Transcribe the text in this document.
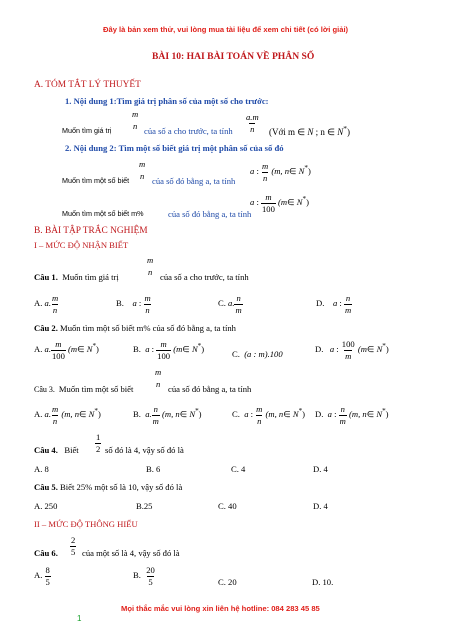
Đây là bản xem thử, vui lòng mua tài liệu để xem chi tiết (có lời giải)
BÀI 10: HAI BÀI TOÁN VỀ PHÂN SỐ
A. TÓM TẮT LÝ THUYẾT
1. Nội dung 1:Tìm giá trị phân số của một số cho trước:
Muốn tìm giá trị
m
n
của số a cho trước, ta tính $\frac{a.m}{n}$ (Với m ∈ N ; n ∈ N*)
2. Nội dung 2: Tìm một số biết giá trị một phân số của số đó
Muốn tìm một số biết
m
n
của số đó bằng a, ta tính
a : $\frac{m}{n} (m$, n∈ N*)
Muốn tìm một số biết m%	của số đó bằng a, ta tính
a : $\frac{m}{100}$ (m∈ N*)
B. BÀI TẬP TRẮC NGHIỆM
I – MỨC ĐỘ NHẬN BIẾT
Câu 1. Muốn tìm giá trị
m
n
của số a cho trước, ta tính
A. a. $\frac{m}{n}$	B.    a : $\frac{m}{n}$	C. a. $\frac{n}{m}$	D.    a : $\frac{n}{m}$
Câu 2. Muốn tìm một số biết m% của số đó bằng a, ta tính
A. a. $\frac{m}{100}$ (m∈ N*)	B.  a : $\frac{m}{100}$ (m∈ N*)	C.  (a : m).100	D.   a : $\frac{100}{m}$ (m∈ N*)
Câu 3. Muốn tìm một số biết
m
n
của số đó bằng a, ta tính
A. a. $\frac{m}{n} (m$, n∈ N*)	B.  a. $\frac{n}{m} (m$, n∈ N*)	C.  a : $\frac{m}{n} (m$, n∈ N*) D.  a : $\frac{n}{m} (m$, n∈ N*)
Câu 4. Biết $\frac{1}{2}$ số đó là 4, vậy số đó là
A. 8	B. 6	C. 4	D. 4
Câu 5. Biết 25% một số là 10, vậy số đó là
A. 250	B.25	C. 40	D. 4
II – MỨC ĐỘ THÔNG HIỂU
Câu 6. $\frac{2}{5}$ của một số là 4, vậy số đó là
A. $\frac{8}{5}$	B. $\frac{20}{5}$	C. 20	D. 10.
Mọi thắc mắc vui lòng xin liên hệ hotline: 084 283 45 85
1
